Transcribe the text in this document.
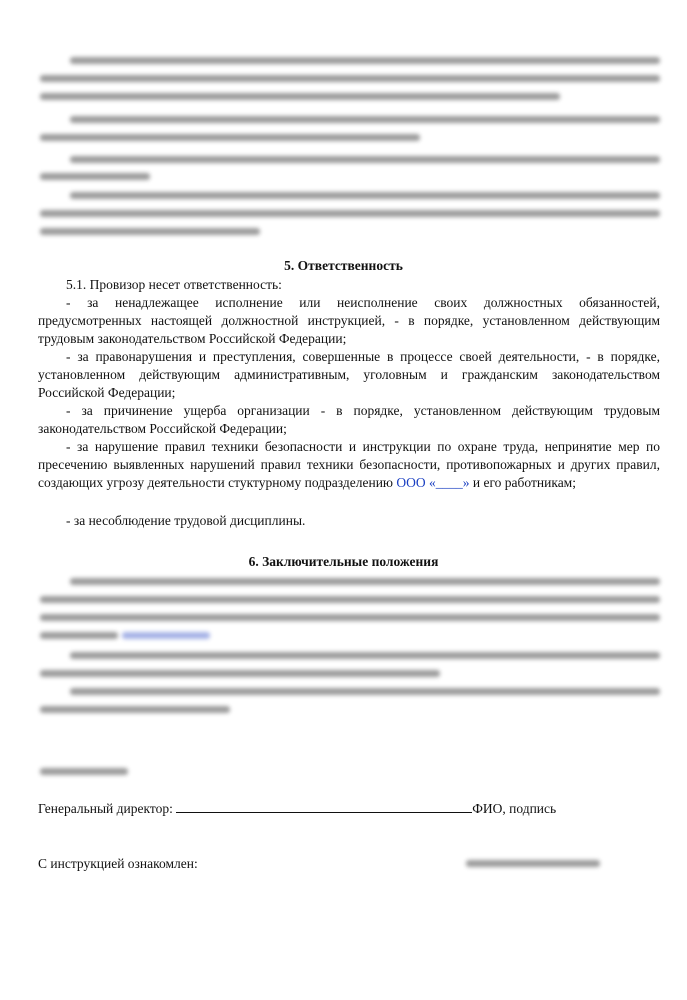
5. Ответственность
5.1. Провизор несет ответственность:
- за ненадлежащее исполнение или неисполнение своих должностных обязанностей, предусмотренных настоящей должностной инструкцией, - в порядке, установленном действующим трудовым законодательством Российской Федерации;
- за правонарушения и преступления, совершенные в процессе своей деятельности, - в порядке, установленном действующим административным, уголовным и гражданским законодательством Российской Федерации;
- за причинение ущерба организации - в порядке, установленном действующим трудовым законодательством Российской Федерации;
- за нарушение правил техники безопасности и инструкции по охране труда, непринятие мер по пресечению выявленных нарушений правил техники безопасности, противопожарных и других правил, создающих угрозу деятельности стуктурному подразделению ООО «____» и его работникам;
- за несоблюдение трудовой дисциплины.
6. Заключительные положения
Генеральный директор:	ФИО, подпись
С инструкцией ознакомлен:
